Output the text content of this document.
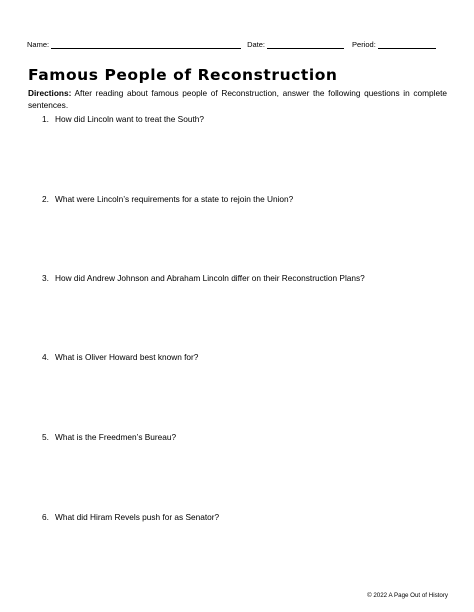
Name:	Date:	Period:
Famous People of Reconstruction
Directions: After reading about famous people of Reconstruction, answer the following questions in complete sentences.
1. How did Lincoln want to treat the South?
2. What were Lincoln’s requirements for a state to rejoin the Union?
3. How did Andrew Johnson and Abraham Lincoln differ on their Reconstruction Plans?
4. What is Oliver Howard best known for?
5. What is the Freedmen’s Bureau?
6. What did Hiram Revels push for as Senator?
© 2022 A Page Out of History
